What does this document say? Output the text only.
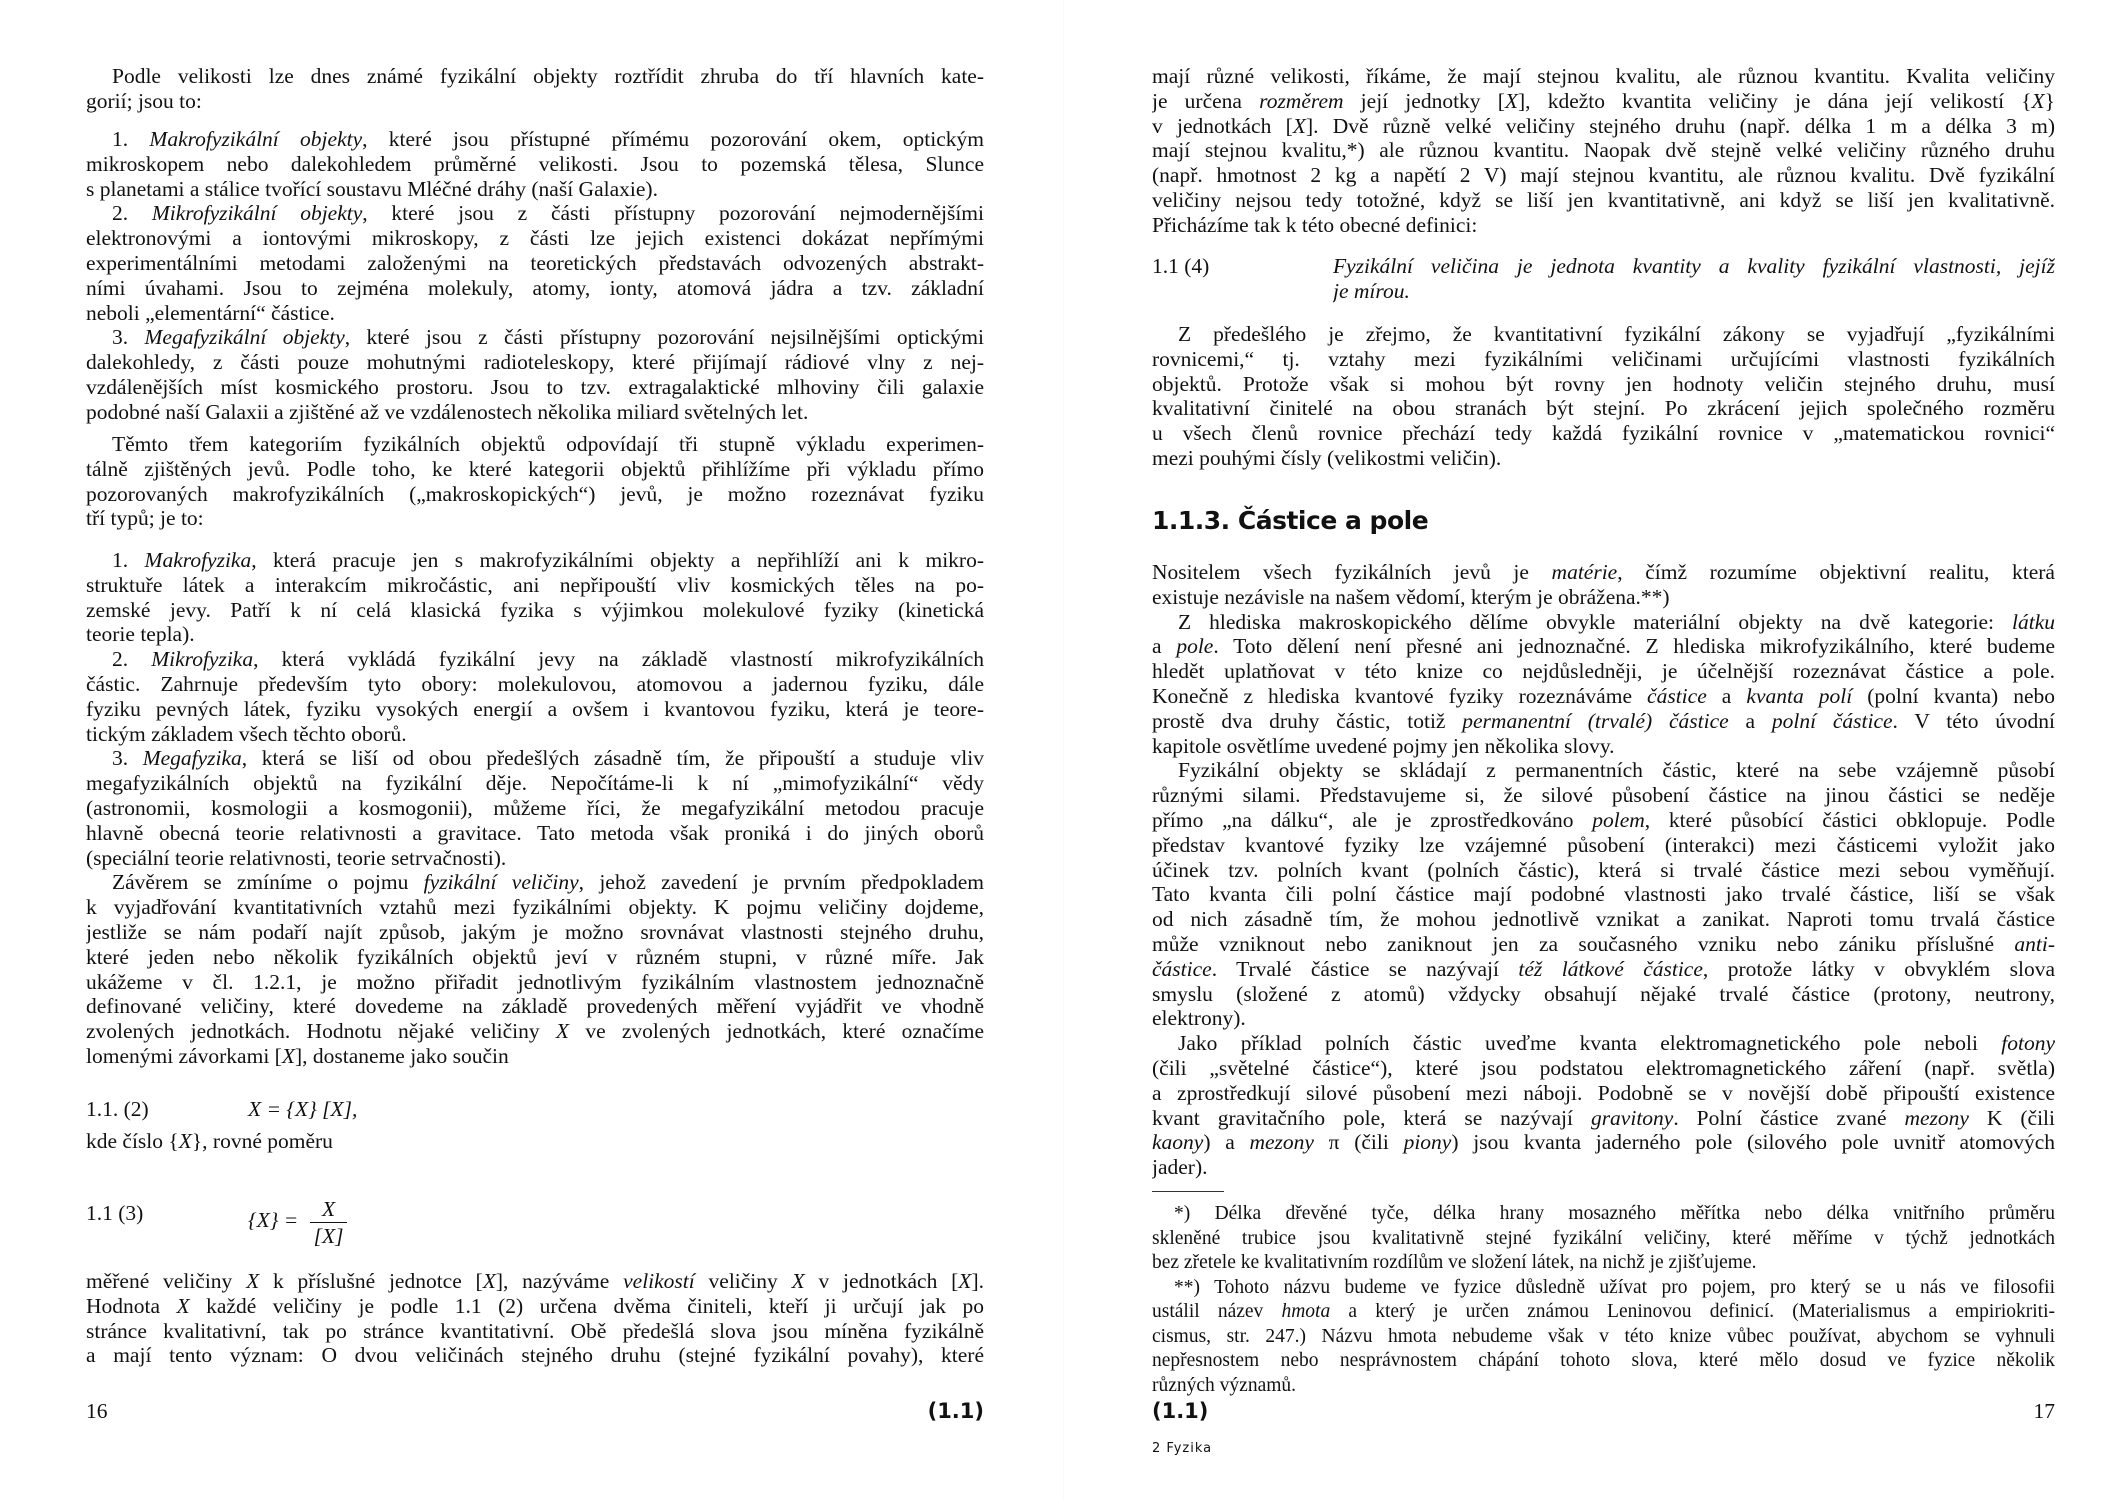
Podle velikosti lze dnes známé fyzikální objekty roztřídit zhruba do tří hlavních kate-
gorií; jsou to:
1. Makrofyzikální objekty, které jsou přístupné přímému pozorování okem, optickým
mikroskopem nebo dalekohledem průměrné velikosti. Jsou to pozemská tělesa, Slunce
s planetami a stálice tvořící soustavu Mléčné dráhy (naší Galaxie).
2. Mikrofyzikální objekty, které jsou z části přístupny pozorování nejmodernějšími
elektronovými a iontovými mikroskopy, z části lze jejich existenci dokázat nepřímými
experimentálními metodami založenými na teoretických představách odvozených abstrakt-
ními úvahami. Jsou to zejména molekuly, atomy, ionty, atomová jádra a tzv. základní
neboli „elementární“ částice.
3. Megafyzikální objekty, které jsou z části přístupny pozorování nejsilnějšími optickými
dalekohledy, z části pouze mohutnými radioteleskopy, které přijímají rádiové vlny z nej-
vzdálenějších míst kosmického prostoru. Jsou to tzv. extragalaktické mlhoviny čili galaxie
podobné naší Galaxii a zjištěné až ve vzdálenostech několika miliard světelných let.
Těmto třem kategoriím fyzikálních objektů odpovídají tři stupně výkladu experimen-
tálně zjištěných jevů. Podle toho, ke které kategorii objektů přihlížíme při výkladu přímo
pozorovaných makrofyzikálních („makroskopických“) jevů, je možno rozeznávat fyziku
tří typů; je to:
1. Makrofyzika, která pracuje jen s makrofyzikálními objekty a nepřihlíží ani k mikro-
struktuře látek a interakcím mikročástic, ani nepřipouští vliv kosmických těles na po-
zemské jevy. Patří k ní celá klasická fyzika s výjimkou molekulové fyziky (kinetická
teorie tepla).
2. Mikrofyzika, která vykládá fyzikální jevy na základě vlastností mikrofyzikálních
částic. Zahrnuje především tyto obory: molekulovou, atomovou a jadernou fyziku, dále
fyziku pevných látek, fyziku vysokých energií a ovšem i kvantovou fyziku, která je teore-
tickým základem všech těchto oborů.
3. Megafyzika, která se liší od obou předešlých zásadně tím, že připouští a studuje vliv
megafyzikálních objektů na fyzikální děje. Nepočítáme-li k ní „mimofyzikální“ vědy
(astronomii, kosmologii a kosmogonii), můžeme říci, že megafyzikální metodou pracuje
hlavně obecná teorie relativnosti a gravitace. Tato metoda však proniká i do jiných oborů
(speciální teorie relativnosti, teorie setrvačnosti).
Závěrem se zmíníme o pojmu fyzikální veličiny, jehož zavedení je prvním předpokladem
k vyjadřování kvantitativních vztahů mezi fyzikálními objekty. K pojmu veličiny dojdeme,
jestliže se nám podaří najít způsob, jakým je možno srovnávat vlastnosti stejného druhu,
které jeden nebo několik fyzikálních objektů jeví v různém stupni, v různé míře. Jak
ukážeme v čl. 1.2.1, je možno přiřadit jednotlivým fyzikálním vlastnostem jednoznačně
definované veličiny, které dovedeme na základě provedených měření vyjádřit ve vhodně
zvolených jednotkách. Hodnotu nějaké veličiny X ve zvolených jednotkách, které označíme
lomenými závorkami [X], dostaneme jako součin
1.1. (2)	X = {X} [X],
kde číslo {X}, rovné poměru
1.1 (3)	$\{X\} = \frac{X}{[X]}$
měřené veličiny X k příslušné jednotce [X], nazýváme velikostí veličiny X v jednotkách [X].
Hodnota X každé veličiny je podle 1.1 (2) určena dvěma činiteli, kteří ji určují jak po
stránce kvalitativní, tak po stránce kvantitativní. Obě předešlá slova jsou míněna fyzikálně
a mají tento význam: O dvou veličinách stejného druhu (stejné fyzikální povahy), které
16	(1.1)
mají různé velikosti, říkáme, že mají stejnou kvalitu, ale různou kvantitu. Kvalita veličiny
je určena rozměrem její jednotky [X], kdežto kvantita veličiny je dána její velikostí {X}
v jednotkách [X]. Dvě různě velké veličiny stejného druhu (např. délka 1 m a délka 3 m)
mají stejnou kvalitu,*) ale různou kvantitu. Naopak dvě stejně velké veličiny různého druhu
(např. hmotnost 2 kg a napětí 2 V) mají stejnou kvantitu, ale různou kvalitu. Dvě fyzikální
veličiny nejsou tedy totožné, když se liší jen kvantitativně, ani když se liší jen kvalitativně.
Přicházíme tak k této obecné definici:
1.1 (4)	Fyzikální veličina je jednota kvantity a kvality fyzikální vlastnosti, jejíž
je mírou.
Z předešlého je zřejmo, že kvantitativní fyzikální zákony se vyjadřují „fyzikálními
rovnicemi,“ tj. vztahy mezi fyzikálními veličinami určujícími vlastnosti fyzikálních
objektů. Protože však si mohou být rovny jen hodnoty veličin stejného druhu, musí
kvalitativní činitelé na obou stranách být stejní. Po zkrácení jejich společného rozměru
u všech členů rovnice přechází tedy každá fyzikální rovnice v „matematickou rovnici“
mezi pouhými čísly (velikostmi veličin).
1.1.3. Částice a pole
Nositelem všech fyzikálních jevů je matérie, čímž rozumíme objektivní realitu, která
existuje nezávisle na našem vědomí, kterým je obrážena.**)
Z hlediska makroskopického dělíme obvykle materiální objekty na dvě kategorie: látku
a pole. Toto dělení není přesné ani jednoznačné. Z hlediska mikrofyzikálního, které budeme
hledět uplatňovat v této knize co nejdůsledněji, je účelnější rozeznávat částice a pole.
Konečně z hlediska kvantové fyziky rozeznáváme částice a kvanta polí (polní kvanta) nebo
prostě dva druhy částic, totiž permanentní (trvalé) částice a polní částice. V této úvodní
kapitole osvětlíme uvedené pojmy jen několika slovy.
Fyzikální objekty se skládají z permanentních částic, které na sebe vzájemně působí
různými silami. Představujeme si, že silové působení částice na jinou částici se neděje
přímo „na dálku“, ale je zprostředkováno polem, které působící částici obklopuje. Podle
představ kvantové fyziky lze vzájemné působení (interakci) mezi částicemi vyložit jako
účinek tzv. polních kvant (polních částic), která si trvalé částice mezi sebou vyměňují.
Tato kvanta čili polní částice mají podobné vlastnosti jako trvalé částice, liší se však
od nich zásadně tím, že mohou jednotlivě vznikat a zanikat. Naproti tomu trvalá částice
může vzniknout nebo zaniknout jen za současného vzniku nebo zániku příslušné anti-
částice. Trvalé částice se nazývají též látkové částice, protože látky v obvyklém slova
smyslu (složené z atomů) vždycky obsahují nějaké trvalé částice (protony, neutrony,
elektrony).
Jako příklad polních částic uveďme kvanta elektromagnetického pole neboli fotony
(čili „světelné částice“), které jsou podstatou elektromagnetického záření (např. světla)
a zprostředkují silové působení mezi náboji. Podobně se v novější době připouští existence
kvant gravitačního pole, která se nazývají gravitony. Polní částice zvané mezony K (čili
kaony) a mezony π (čili piony) jsou kvanta jaderného pole (silového pole uvnitř atomových
jader).
*) Délka dřevěné tyče, délka hrany mosazného měřítka nebo délka vnitřního průměru
skleněné trubice jsou kvalitativně stejné fyzikální veličiny, které měříme v týchž jednotkách
bez zřetele ke kvalitativním rozdílům ve složení látek, na nichž je zjišťujeme.
**) Tohoto názvu budeme ve fyzice důsledně užívat pro pojem, pro který se u nás ve filosofii
ustálil název hmota a který je určen známou Leninovou definicí. (Materialismus a empiriokriti-
cismus, str. 247.) Názvu hmota nebudeme však v této knize vůbec používat, abychom se vyhnuli
nepřesnostem nebo nesprávnostem chápání tohoto slova, které mělo dosud ve fyzice několik
různých významů.
(1.1)	17
2 Fyzika
